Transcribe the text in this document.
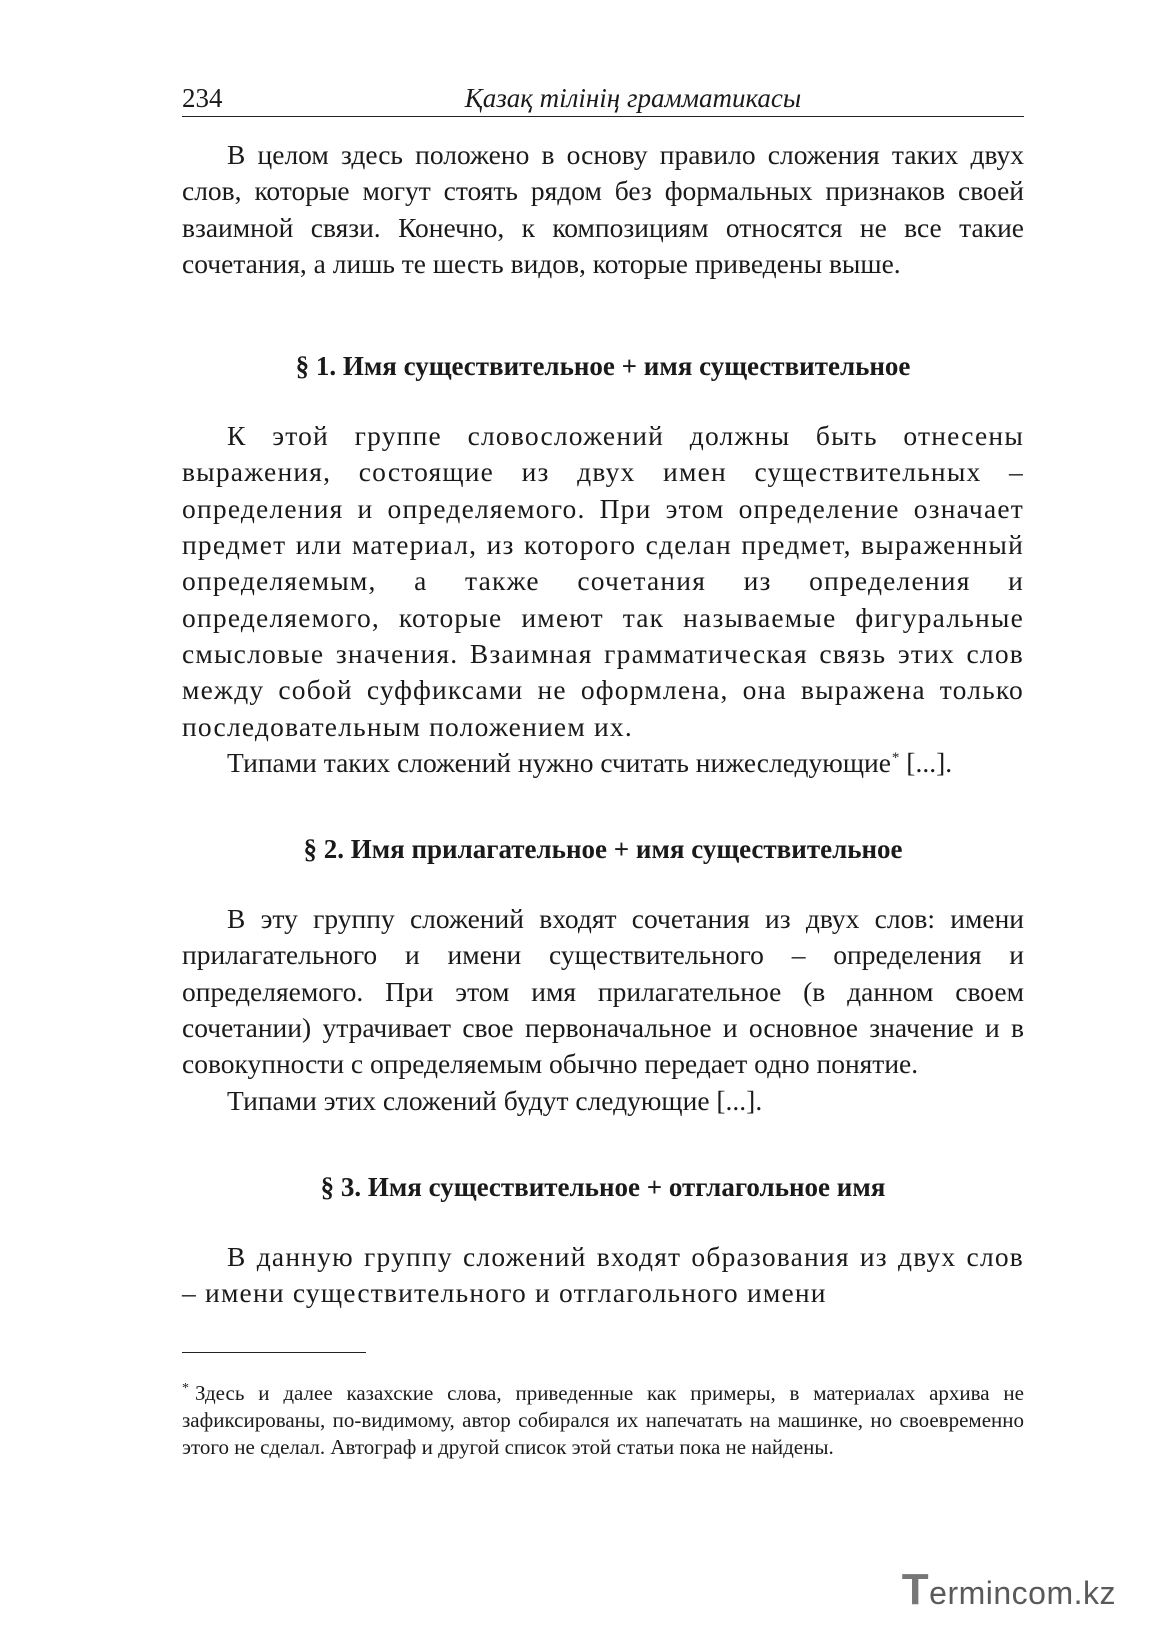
234	Қазақ тілінің грамматикасы

В целом здесь положено в основу правило сложения таких двух слов, которые могут стоять рядом без формальных признаков своей взаимной связи. Конечно, к композициям относятся не все такие сочетания, а лишь те шесть видов, которые приведены выше.

§ 1. Имя существительное + имя существительное

К этой группе словосложений должны быть отнесены выражения, состоящие из двух имен существительных – определения и определяемого. При этом определение означает предмет или материал, из которого сделан предмет, выраженный определяемым, а также сочетания из определения и определяемого, которые имеют так называемые фигуральные смысловые значения. Взаимная грамматическая связь этих слов между собой суффиксами не оформлена, она выражена только последовательным положением их.

Типами таких сложений нужно считать нижеследующие* [...].

§ 2. Имя прилагательное + имя существительное

В эту группу сложений входят сочетания из двух слов: имени прилагательного и имени существительного – определения и определяемого. При этом имя прилагательное (в данном своем сочетании) утрачивает свое первоначальное и основное значение и в совокупности с определяемым обычно передает одно понятие.

Типами этих сложений будут следующие [...].

§ 3. Имя существительное + отглагольное имя

В данную группу сложений входят образования из двух слов – имени существительного и отглагольного имени

* Здесь и далее казахские слова, приведенные как примеры, в материалах архива не зафиксированы, по-видимому, автор собирался их напечатать на машинке, но своевременно этого не сделал. Автограф и другой список этой статьи пока не найдены.

Termincom.kz
